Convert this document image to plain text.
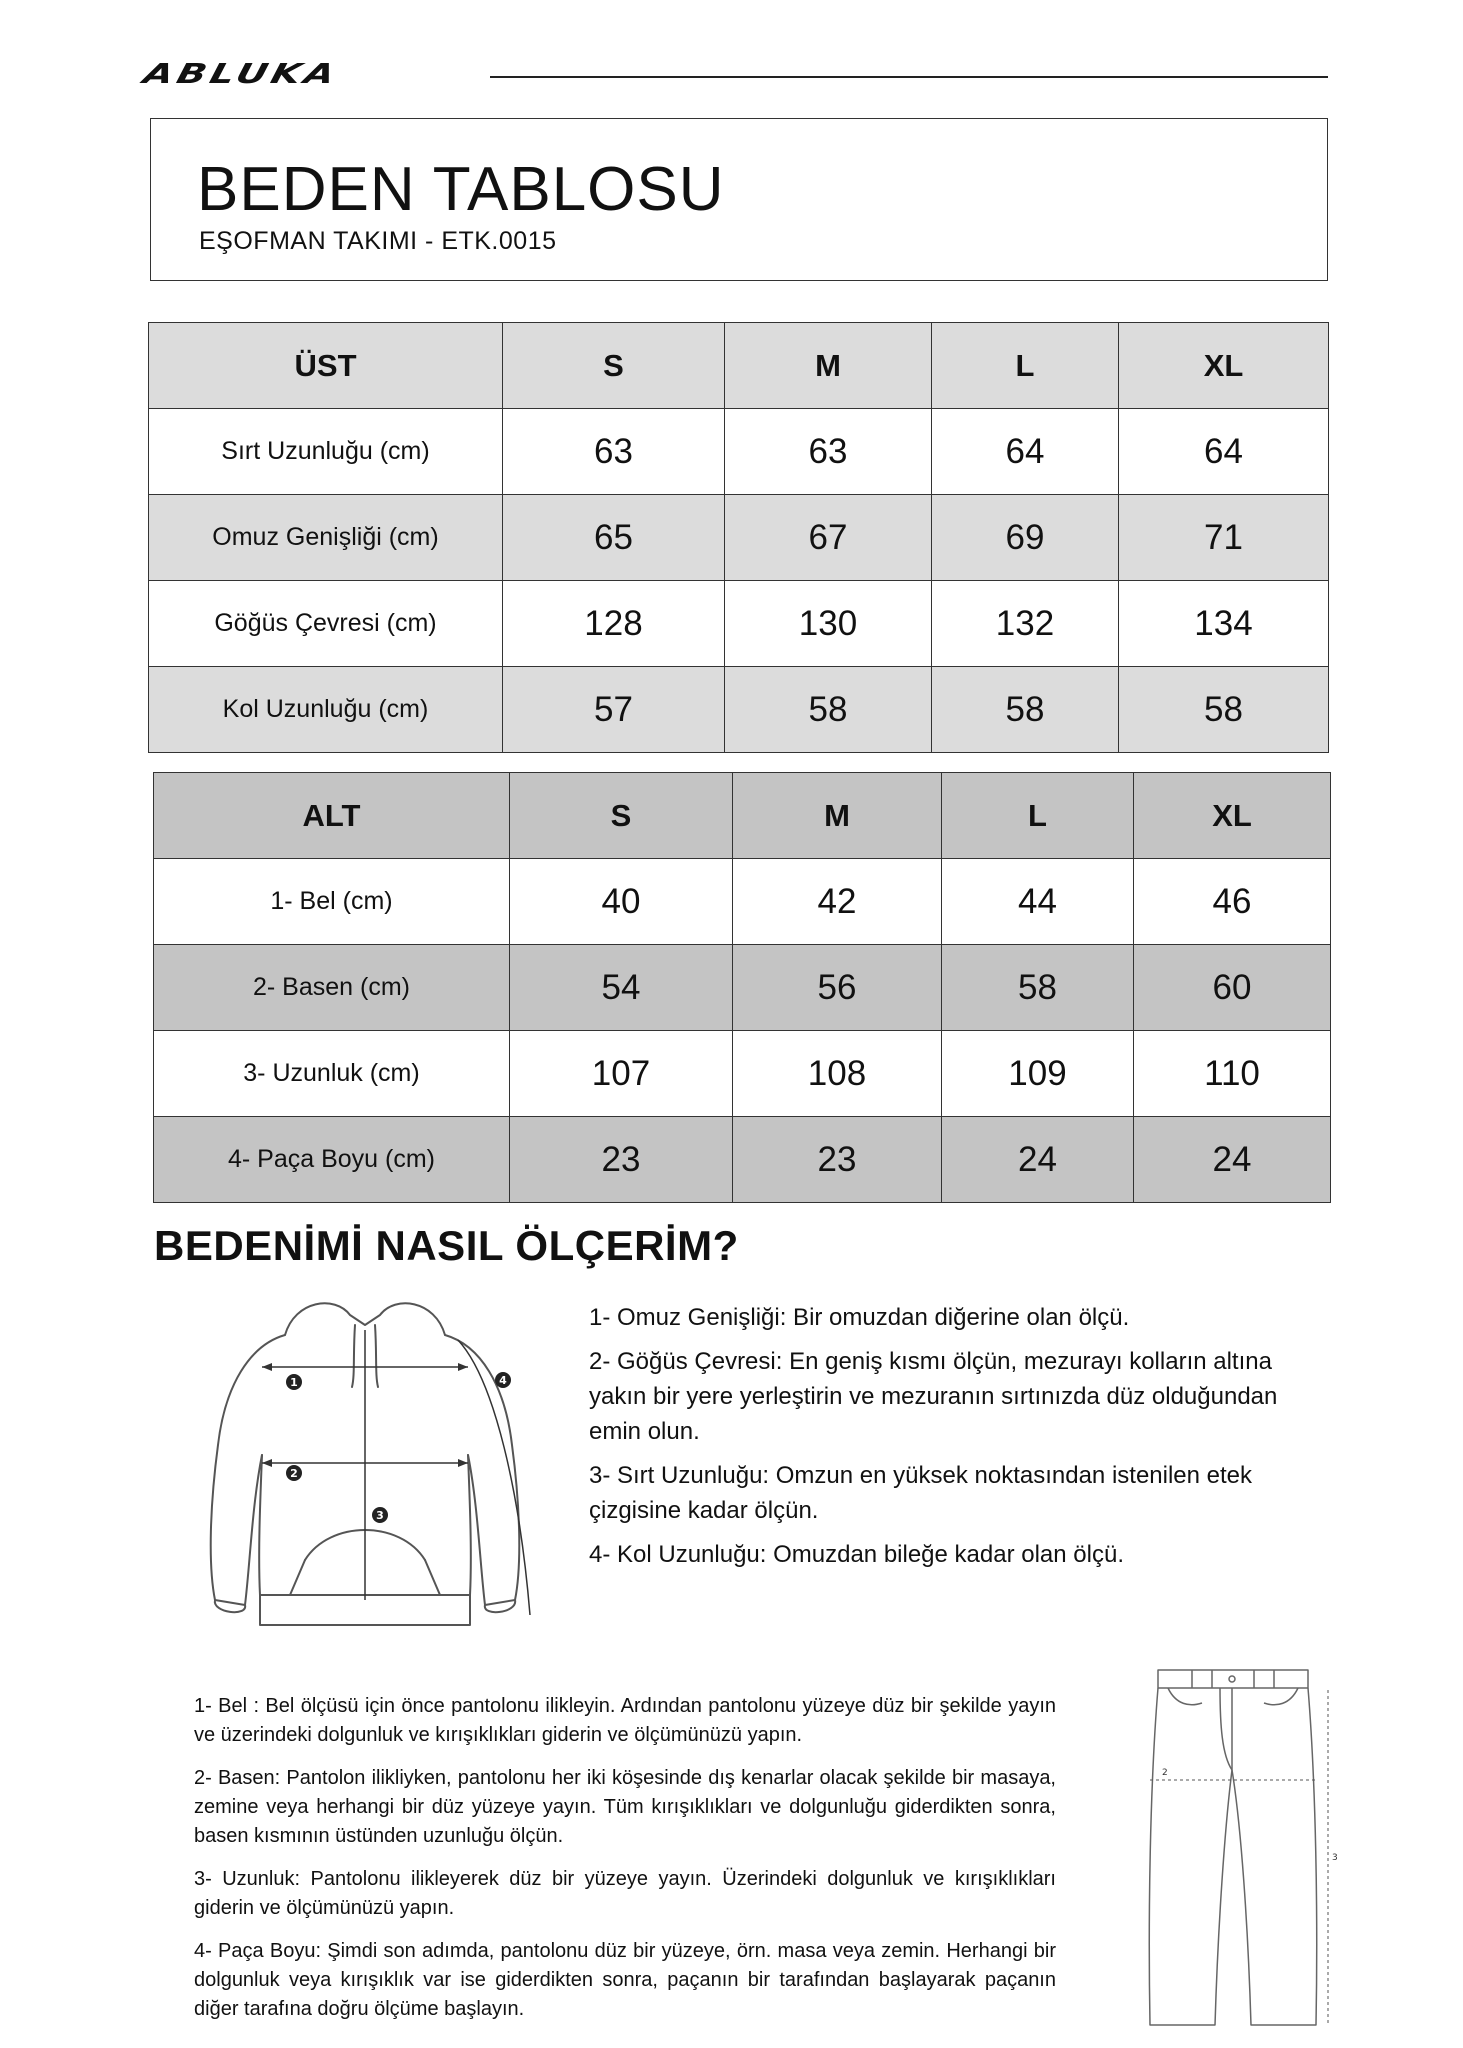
ABLUKA
BEDEN TABLOSU
EŞOFMAN TAKIMI - ETK.0015
ÜST	S	M	L	XL
Sırt Uzunluğu (cm)	63	63	64	64
Omuz Genişliği (cm)	65	67	69	71
Göğüs Çevresi (cm)	128	130	132	134
Kol Uzunluğu (cm)	57	58	58	58
ALT	S	M	L	XL
1- Bel (cm)	40	42	44	46
2- Basen (cm)	54	56	58	60
3- Uzunluk (cm)	107	108	109	110
4- Paça Boyu (cm)	23	23	24	24
BEDENİMİ NASIL ÖLÇERİM?
1
2
3
4

1- Omuz Genişliği: Bir omuzdan diğerine olan ölçü.

2- Göğüs Çevresi: En geniş kısmı ölçün, mezurayı kolların altına yakın bir yere yerleştirin ve mezuranın sırtınızda düz olduğundan emin olun.

3- Sırt Uzunluğu: Omzun en yüksek noktasından istenilen etek çizgisine kadar ölçün.

4- Kol Uzunluğu: Omuzdan bileğe kadar olan ölçü.

1- Bel : Bel ölçüsü için önce pantolonu ilikleyin. Ardından pantolonu yüzeye düz bir şekilde yayın ve üzerindeki dolgunluk ve kırışıklıkları giderin ve ölçümünüzü yapın.

2- Basen: Pantolon ilikliyken, pantolonu her iki köşesinde dış kenarlar olacak şekilde bir masaya, zemine veya herhangi bir düz yüzeye yayın. Tüm kırışıklıkları ve dolgunluğu giderdikten sonra, basen kısmının üstünden uzunluğu ölçün.

3- Uzunluk: Pantolonu ilikleyerek düz bir yüzeye yayın. Üzerindeki dolgunluk ve kırışıklıkları giderin ve ölçümünüzü yapın.

4- Paça Boyu: Şimdi son adımda, pantolonu düz bir yüzeye, örn. masa veya zemin. Herhangi bir dolgunluk veya kırışıklık var ise giderdikten sonra, paçanın bir tarafından başlayarak paçanın diğer tarafına doğru ölçüme başlayın.

2
3
